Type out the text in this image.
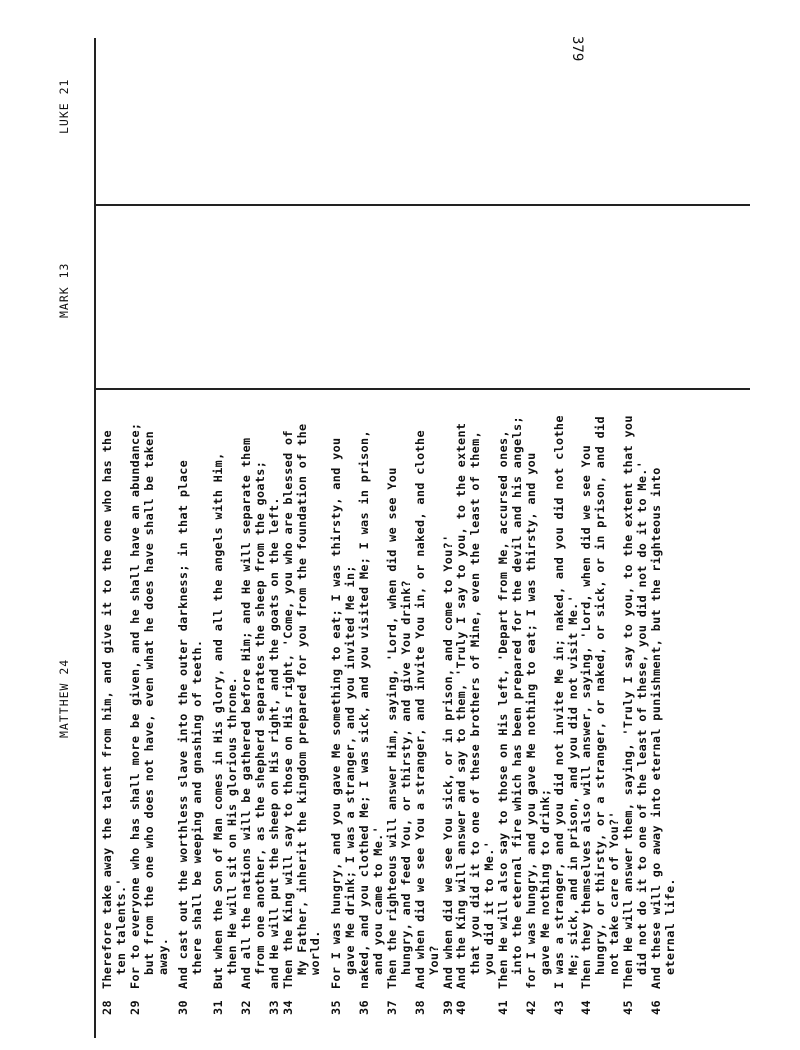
379
MATTHEW 24
MARK 13
LUKE 21
28
Therefore take away the talent from him, and give it to the one who has the ten talents.'
29
For to everyone who has shall more be given, and he shall have an abundance; but from the one who does not have, even what he does have shall be taken away.
30
And cast out the worthless slave into the outer darkness; in that place there shall be weeping and gnashing of teeth.
31
But when the Son of Man comes in His glory, and all the angels with Him, then He will sit on His glorious throne.
32
And all the nations will be gathered before Him; and He will separate them from one another, as the shepherd separates the sheep from the goats;
33
and He will put the sheep on His right, and the goats on the left.
34
Then the King will say to those on His right, 'Come, you who are blessed of My Father, inherit the kingdom prepared for you from the foundation of the world.
35
For I was hungry, and you gave Me something to eat; I was thirsty, and you gave Me drink; I was a stranger, and you invited Me in;
36
naked, and you clothed Me; I was sick, and you visited Me; I was in prison, and you came to Me.'
37
Then the righteous will answer Him, saying, 'Lord, when did we see You hungry, and feed You, or thirsty, and give You drink?
38
And when did we see You a stranger, and invite You in, or naked, and clothe You?
39
And when did we see You sick, or in prison, and come to You?'
40
And the King will answer and say to them, 'Truly I say to you, to the extent that you did it to one of these brothers of Mine, even the least of them, you did it to Me.'
41
Then He will also say to those on His left, 'Depart from Me, accursed ones, into the eternal fire which has been prepared for the devil and his angels;
42
for I was hungry, and you gave Me nothing to eat; I was thirsty, and you gave Me nothing to drink;
43
I was a stranger, and you did not invite Me in; naked, and you did not clothe Me; sick, and in prison, and you did not visit Me.'
44
Then they themselves also will answer, saying, 'Lord, when did we see You hungry, or thirsty, or a stranger, or naked, or sick, or in prison, and did not take care of You?'
45
Then He will answer them, saying, 'Truly I say to you, to the extent that you did not do it to one of the least of these, you did not do it to Me.'
46
And these will go away into eternal punishment, but the righteous into eternal life.
